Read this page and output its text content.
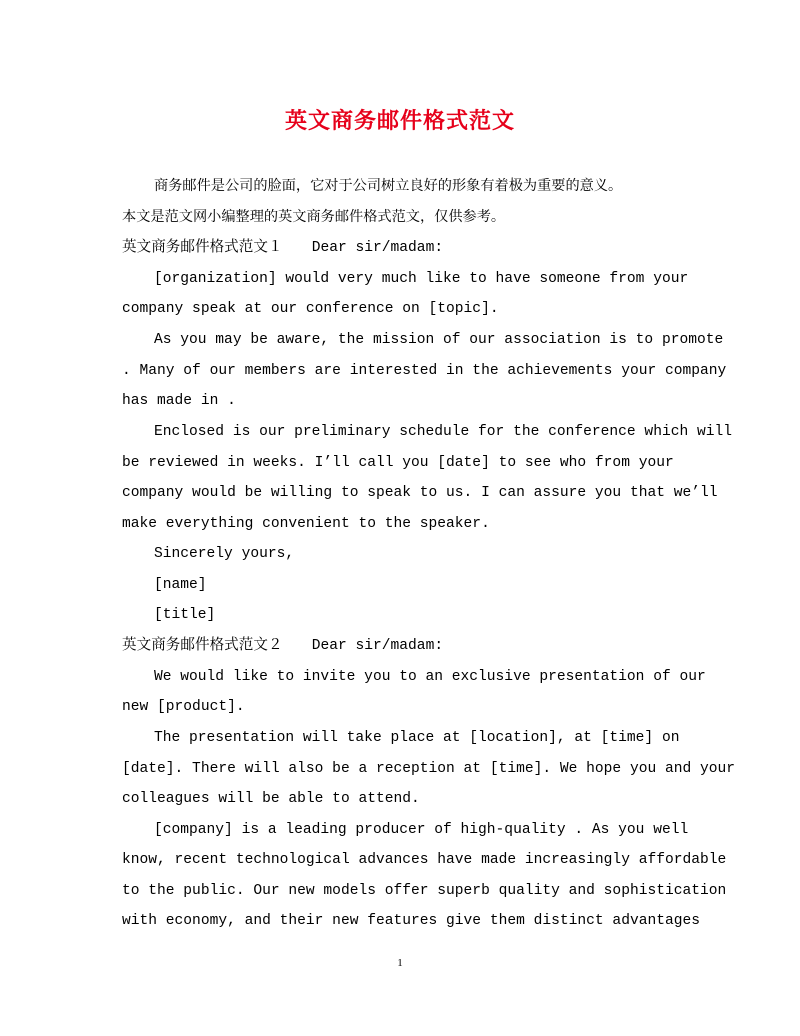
英文商务邮件格式范文
商务邮件是公司的脸面，它对于公司树立良好的形象有着极为重要的意义。
本文是范文网小编整理的英文商务邮件格式范文，仅供参考。
英文商务邮件格式范文１　　Dear sir/madam:
[organization] would very much like to have someone from your
company speak at our conference on [topic].
As you may be aware, the mission of our association is to promote
. Many of our members are interested in the achievements your company
has made in .
Enclosed is our preliminary schedule for the conference which will
be reviewed in weeks. I’ll call you [date] to see who from your
company would be willing to speak to us. I can assure you that we’ll
make everything convenient to the speaker.
Sincerely yours,
[name]
[title]
英文商务邮件格式范文２　　Dear sir/madam:
We would like to invite you to an exclusive presentation of our
new [product].
The presentation will take place at [location], at [time] on
[date]. There will also be a reception at [time]. We hope you and your
colleagues will be able to attend.
[company] is a leading producer of high-quality . As you well
know, recent technological advances have made increasingly affordable
to the public. Our new models offer superb quality and sophistication
with economy, and their new features give them distinct advantages
1
